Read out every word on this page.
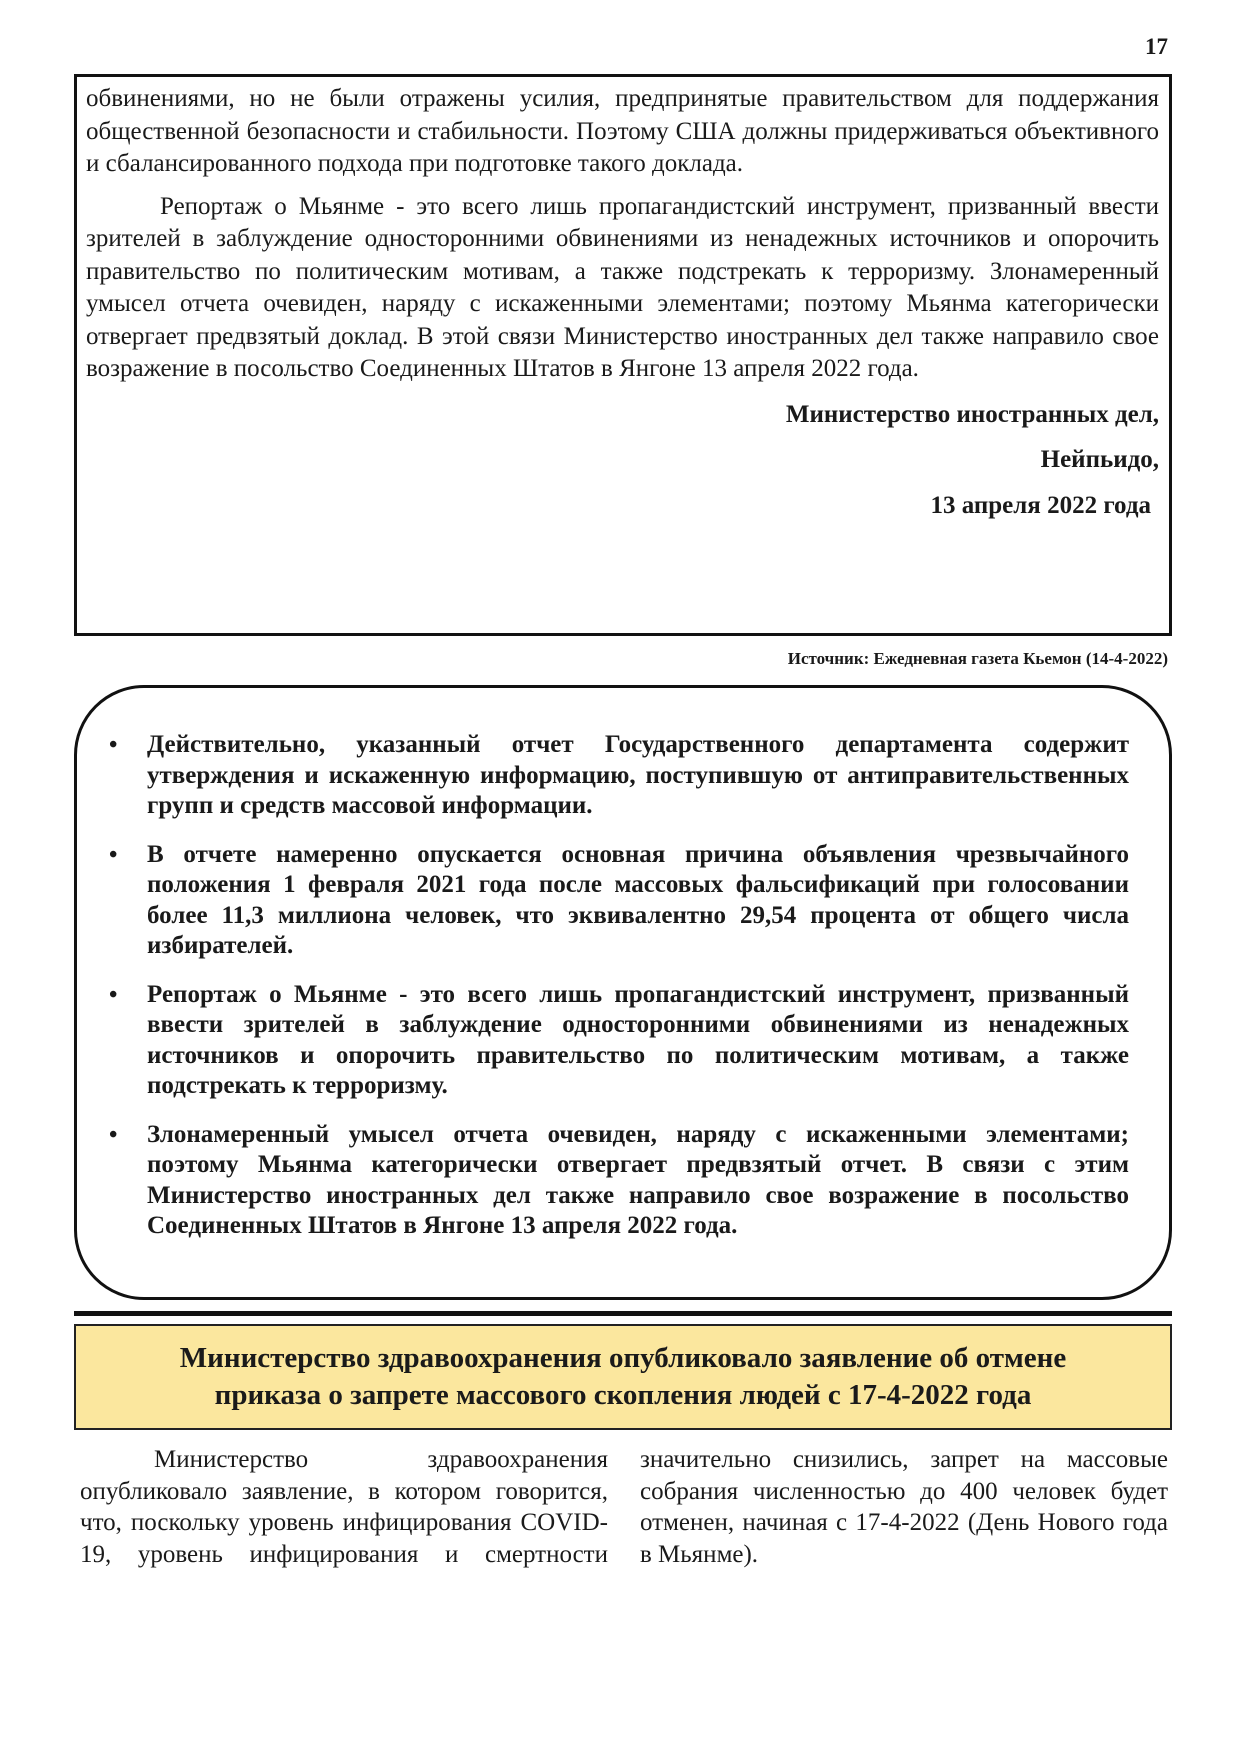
17

обвинениями, но не были отражены усилия, предпринятые правительством для поддержания общественной безопасности и стабильности. Поэтому США должны придерживаться объективного и сбалансированного подхода при подготовке такого доклада.

Репортаж о Мьянме - это всего лишь пропагандистский инструмент, призванный ввести зрителей в заблуждение односторонними обвинениями из ненадежных источников и опорочить правительство по политическим мотивам, а также подстрекать к терроризму. Злонамеренный умысел отчета очевиден, наряду с искаженными элементами; поэтому Мьянма категорически отвергает предвзятый доклад. В этой связи Министерство иностранных дел также направило свое возражение в посольство Соединенных Штатов в Янгоне 13 апреля 2022 года.

Министерство иностранных дел,
Нейпьидо,
13 апреля 2022 года
Источник: Ежедневная газета Кьемон (14-4-2022)
• Действительно, указанный отчет Государственного департамента содержит утверждения и искаженную информацию, поступившую от антиправительственных групп и средств массовой информации.
• В отчете намеренно опускается основная причина объявления чрезвычайного положения 1 февраля 2021 года после массовых фальсификаций при голосовании более 11,3 миллиона человек, что эквивалентно 29,54 процента от общего числа избирателей.
• Репортаж о Мьянме - это всего лишь пропагандистский инструмент, призванный ввести зрителей в заблуждение односторонними обвинениями из ненадежных источников и опорочить правительство по политическим мотивам, а также подстрекать к терроризму.
• Злонамеренный умысел отчета очевиден, наряду с искаженными элементами; поэтому Мьянма категорически отвергает предвзятый отчет. В связи с этим Министерство иностранных дел также направило свое возражение в посольство Соединенных Штатов в Янгоне 13 апреля 2022 года.
Министерство здравоохранения опубликовало заявление об отмене
приказа о запрете массового скопления людей с 17-4-2022 года
Министерство здравоохранения опубликовало заявление, в котором говорится, что, поскольку уровень инфицирования COVID-19, уровень инфицирования и смертности
значительно снизились, запрет на массовые собрания численностью до 400 человек будет отменен, начиная с 17-4-2022 (День Нового года в Мьянме).
